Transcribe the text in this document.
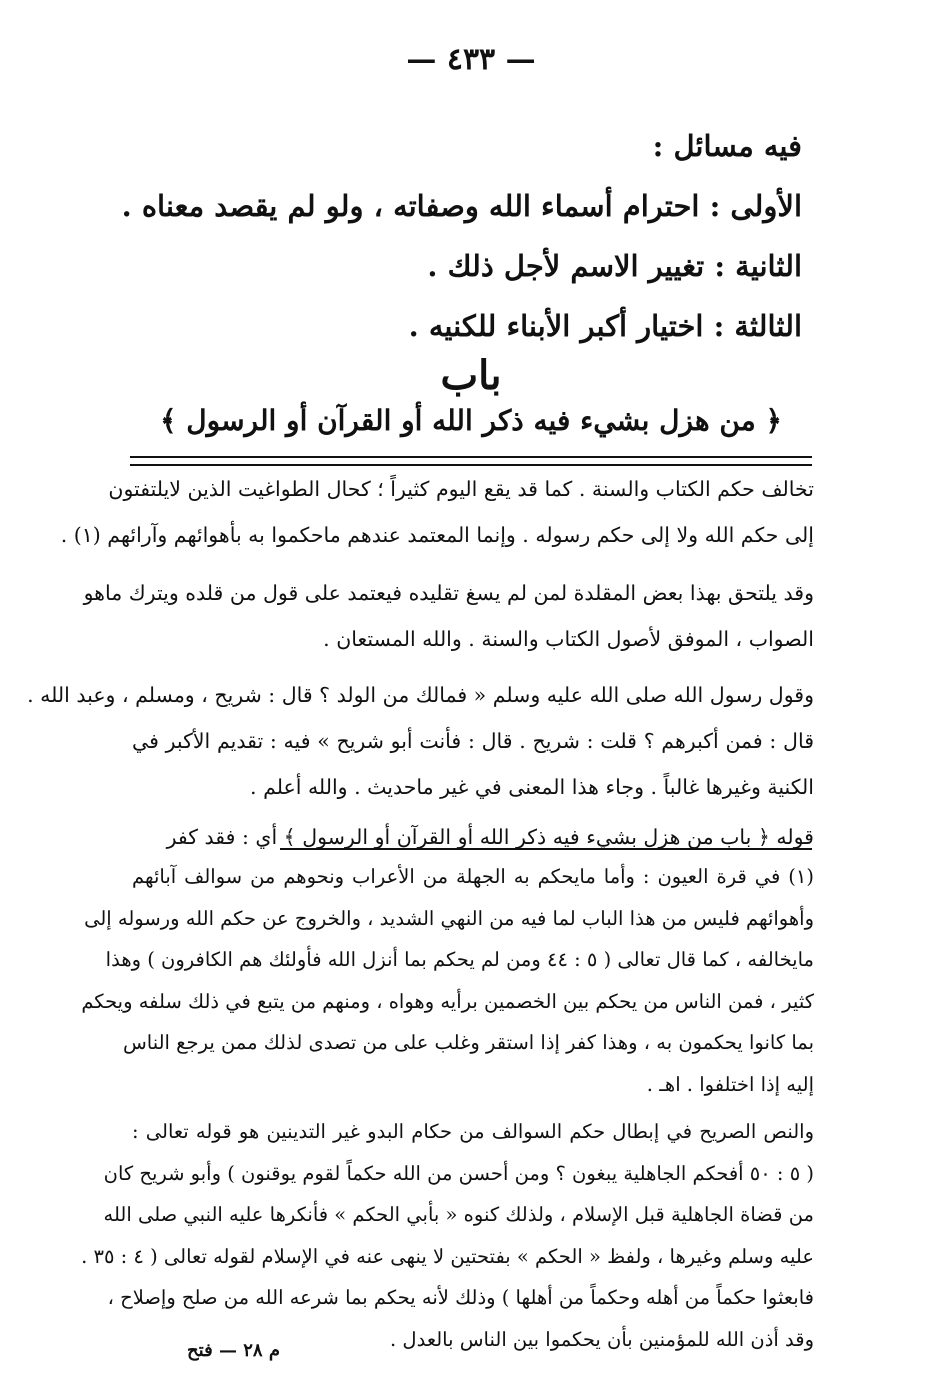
— ٤٣٣ —
فيه مسائل :
الأولى : احترام أسماء الله وصفاته ، ولو لم يقصد معناه .
الثانية : تغيير الاسم لأجل ذلك .
الثالثة : اختيار أكبر الأبناء للكنيه .
باب
﴿ من هزل بشيء فيه ذكر الله أو القرآن أو الرسول ﴾
تخالف حكم الكتاب والسنة . كما قد يقع اليوم كثيراً ؛ كحال الطواغيت الذين لايلتفتون
إلى حكم الله ولا إلى حكم رسوله . وإنما المعتمد عندهم ماحكموا به بأهوائهم وآرائهم (١) .
وقد يلتحق بهذا بعض المقلدة لمن لم يسغ تقليده فيعتمد على قول من قلده ويترك ماهو
الصواب ، الموفق لأصول الكتاب والسنة . والله المستعان .
وقول رسول الله صلى الله عليه وسلم « فمالك من الولد ؟ قال : شريح ، ومسلم ، وعبد الله .
قال : فمن أكبرهم ؟ قلت : شريح . قال : فأنت أبو شريح » فيه : تقديم الأكبر في
الكنية وغيرها غالباً . وجاء هذا المعنى في غير ماحديث . والله أعلم .
قوله ﴿ باب من هزل بشيء فيه ذكر الله أو القرآن أو الرسول ﴾ أي : فقد كفر
(١) في قرة العيون : وأما مايحكم به الجهلة من الأعراب ونحوهم من سوالف آبائهم
وأهوائهم فليس من هذا الباب لما فيه من النهي الشديد ، والخروج عن حكم الله ورسوله إلى
مايخالفه ، كما قال تعالى ( ٥ : ٤٤ ومن لم يحكم بما أنزل الله فأولئك هم الكافرون ) وهذا
كثير ، فمن الناس من يحكم بين الخصمين برأيه وهواه ، ومنهم من يتبع في ذلك سلفه ويحكم
بما كانوا يحكمون به ، وهذا كفر إذا استقر وغلب على من تصدى لذلك ممن يرجع الناس
إليه إذا اختلفوا . اهـ .
والنص الصريح في إبطال حكم السوالف من حكام البدو غير التدينين هو قوله تعالى :
( ٥ : ٥٠ أفحكم الجاهلية يبغون ؟ ومن أحسن من الله حكماً لقوم يوقنون ) وأبو شريح كان
من قضاة الجاهلية قبل الإسلام ، ولذلك كنوه « بأبي الحكم » فأنكرها عليه النبي صلى الله
عليه وسلم وغيرها ، ولفظ « الحكم » بفتحتين لا ينهى عنه في الإسلام لقوله تعالى ( ٤ : ٣٥ .
فابعثوا حكماً من أهله وحكماً من أهلها ) وذلك لأنه يحكم بما شرعه الله من صلح وإصلاح ،
وقد أذن الله للمؤمنين بأن يحكموا بين الناس بالعدل .
م ٢٨ — فتح
